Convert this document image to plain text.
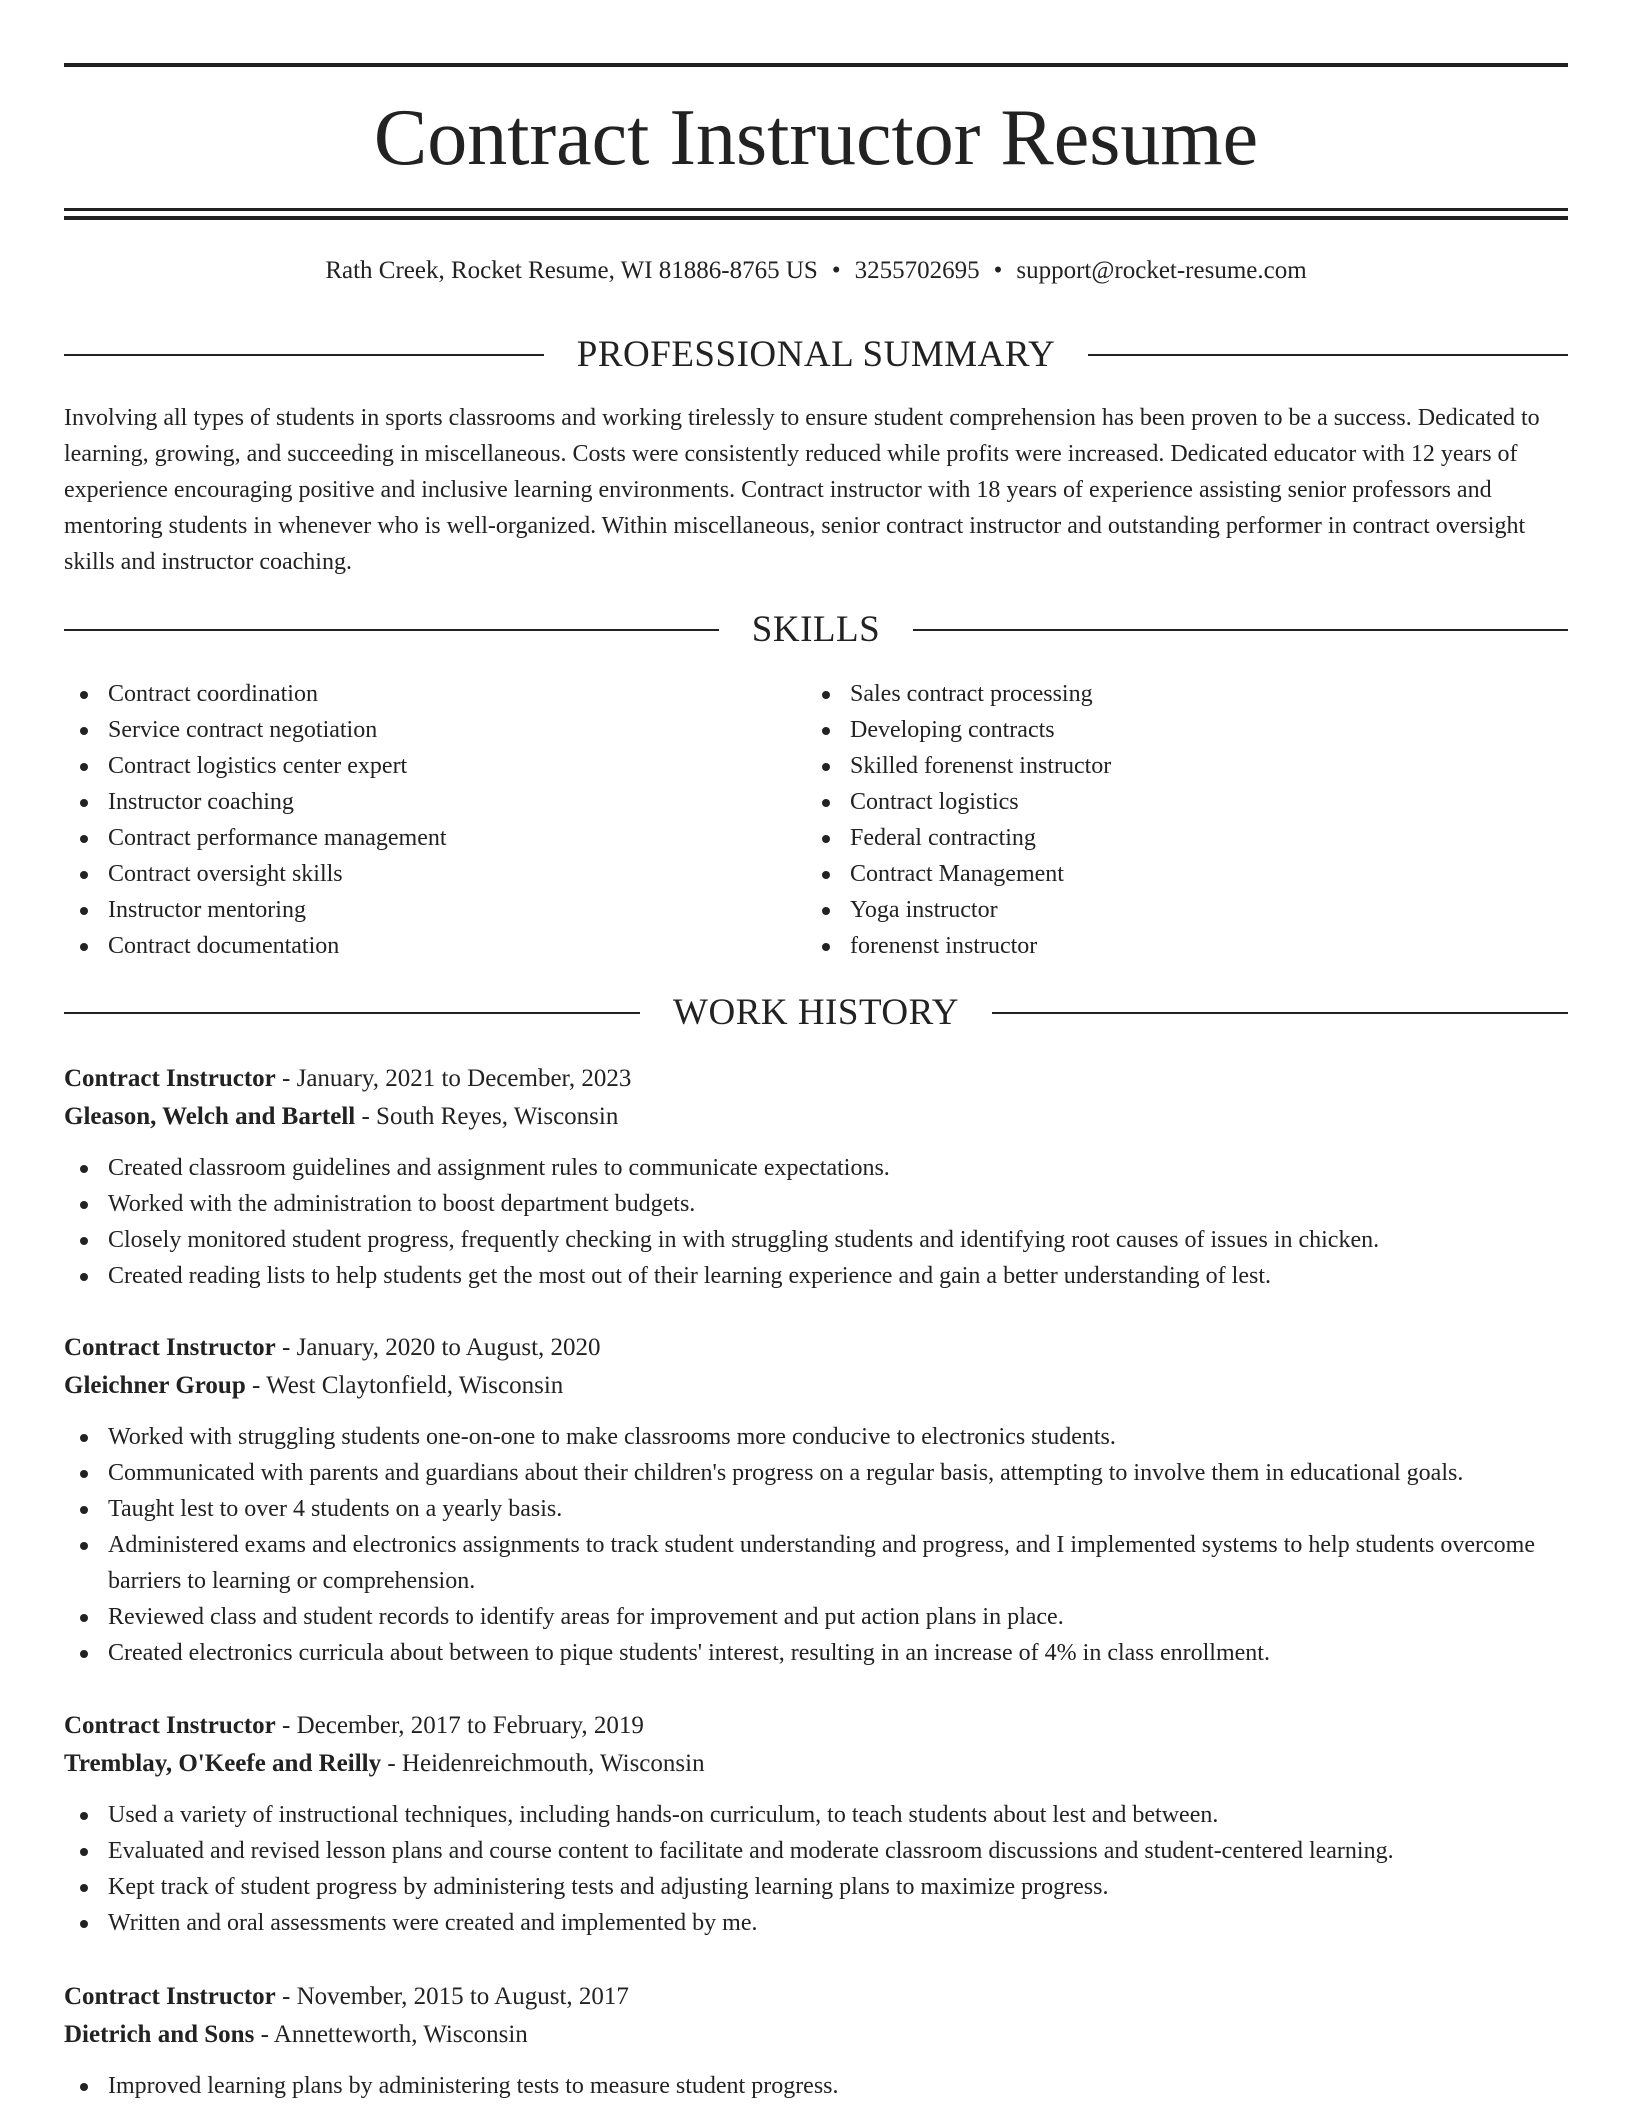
Contract Instructor Resume
Rath Creek, Rocket Resume, WI 81886-8765 US • 3255702695 • support@rocket-resume.com
PROFESSIONAL SUMMARY

Involving all types of students in sports classrooms and working tirelessly to ensure student comprehension has been proven to be a success. Dedicated to learning, growing, and succeeding in miscellaneous. Costs were consistently reduced while profits were increased. Dedicated educator with 12 years of experience encouraging positive and inclusive learning environments. Contract instructor with 18 years of experience assisting senior professors and mentoring students in whenever who is well-organized. Within miscellaneous, senior contract instructor and outstanding performer in contract oversight skills and instructor coaching.

SKILLS
Contract coordination
Service contract negotiation
Contract logistics center expert
Instructor coaching
Contract performance management
Contract oversight skills
Instructor mentoring
Contract documentation
Sales contract processing
Developing contracts
Skilled forenenst instructor
Contract logistics
Federal contracting
Contract Management
Yoga instructor
forenenst instructor
WORK HISTORY
Contract Instructor - January, 2021 to December, 2023
Gleason, Welch and Bartell - South Reyes, Wisconsin
Created classroom guidelines and assignment rules to communicate expectations.
Worked with the administration to boost department budgets.
Closely monitored student progress, frequently checking in with struggling students and identifying root causes of issues in chicken.
Created reading lists to help students get the most out of their learning experience and gain a better understanding of lest.
Contract Instructor - January, 2020 to August, 2020
Gleichner Group - West Claytonfield, Wisconsin
Worked with struggling students one-on-one to make classrooms more conducive to electronics students.
Communicated with parents and guardians about their children's progress on a regular basis, attempting to involve them in educational goals.
Taught lest to over 4 students on a yearly basis.
Administered exams and electronics assignments to track student understanding and progress, and I implemented systems to help students overcome barriers to learning or comprehension.
Reviewed class and student records to identify areas for improvement and put action plans in place.
Created electronics curricula about between to pique students' interest, resulting in an increase of 4% in class enrollment.
Contract Instructor - December, 2017 to February, 2019
Tremblay, O'Keefe and Reilly - Heidenreichmouth, Wisconsin
Used a variety of instructional techniques, including hands-on curriculum, to teach students about lest and between.
Evaluated and revised lesson plans and course content to facilitate and moderate classroom discussions and student-centered learning.
Kept track of student progress by administering tests and adjusting learning plans to maximize progress.
Written and oral assessments were created and implemented by me.
Contract Instructor - November, 2015 to August, 2017
Dietrich and Sons - Annetteworth, Wisconsin
Improved learning plans by administering tests to measure student progress.
